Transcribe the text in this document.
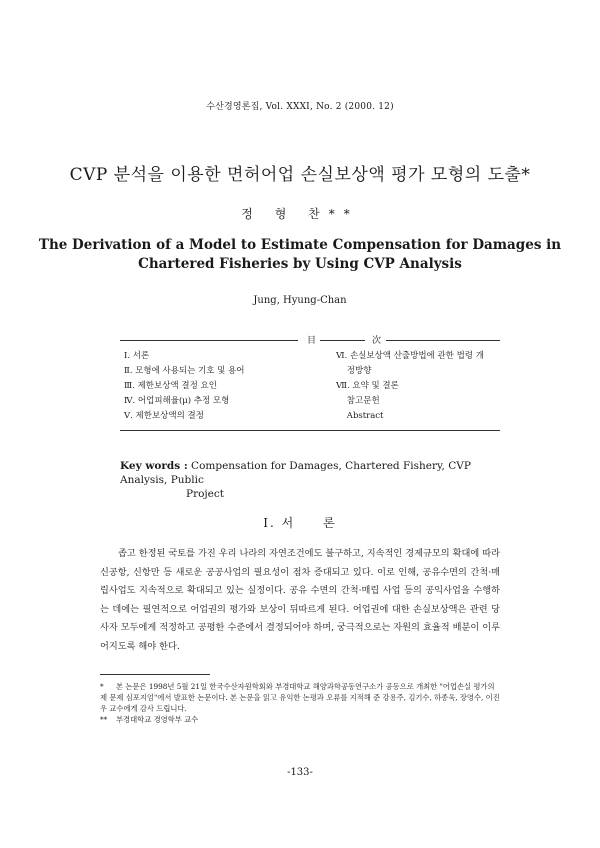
수산경영론집, Vol. XXXI, No. 2 (2000. 12)
CVP 분석을 이용한 면허어업 손실보상액 평가 모형의 도출*
정 형 찬**
The Derivation of a Model to Estimate Compensation for Damages in
Chartered Fisheries by Using CVP Analysis
Jung, Hyung-Chan
目	次
Ⅰ. 서론
Ⅱ. 모형에 사용되는 기호 및 용어
Ⅲ. 제한보상액 결정 요인
Ⅳ. 어업피해율(μ) 추정 모형
Ⅴ. 제한보상액의 결정
Ⅵ. 손실보상액 산출방법에 관한 법령 개
정방향
Ⅶ. 요약 및 결론
참고문헌
Abstract
Key words : Compensation for Damages, Chartered Fishery, CVP Analysis, Public
Project
Ⅰ. 서　　론

좁고 한정된 국토를 가진 우리 나라의 자연조건에도 불구하고, 지속적인 경제규모의 확대에 따라 신공항, 신항만 등 새로운 공공사업의 필요성이 점차 증대되고 있다. 이로 인해, 공유수면의 간척·매립사업도 지속적으로 확대되고 있는 실정이다. 공유 수면의 간척·매립 사업 등의 공익사업을 수행하는 데에는 필연적으로 어업권의 평가와 보상이 뒤따르게 된다. 어업권에 대한 손실보상액은 관련 당사자 모두에게 적정하고 공평한 수준에서 결정되어야 하며, 궁극적으로는 자원의 효율적 배분이 이루어지도록 해야 한다.

* 본 논문은 1998년 5월 21일 한국수산자원학회와 부경대학교 해양과학공동연구소가 공동으로 개최한 "어업손실 평가의 제 문제 심포지엄"에서 발표한 논문이다. 본 논문을 읽고 유익한 논평과 오류를 지적해 준 강용주, 김기수, 하종욱, 장영수, 이진우 교수에게 감사 드립니다.
** 부경대학교 경영학부 교수
-133-
